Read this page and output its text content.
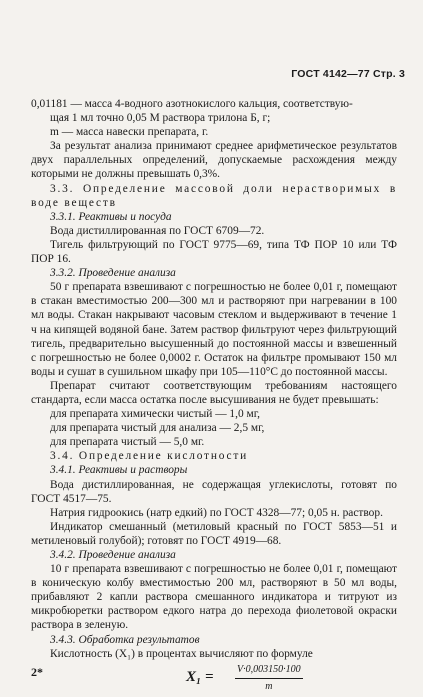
ГОСТ 4142—77 Стр. 3

0,01181 — масса 4-водного азотнокислого кальция, соответствую-

щая 1 мл точно 0,05 М раствора трилона Б, г;

m — масса навески препарата, г.

За результат анализа принимают среднее арифметическое результатов двух параллельных определений, допускаемые расхождения между которыми не должны превышать 0,3%.

3.3. Определение массовой доли нерастворимых в воде веществ

3.3.1. Реактивы и посуда

Вода дистиллированная по ГОСТ 6709—72.

Тигель фильтрующий по ГОСТ 9775—69, типа ТФ ПОР 10 или ТФ ПОР 16.

3.3.2. Проведение анализа

50 г препарата взвешивают с погрешностью не более 0,01 г, помещают в стакан вместимостью 200—300 мл и растворяют при нагревании в 100 мл воды. Стакан накрывают часовым стеклом и выдерживают в течение 1 ч на кипящей водяной бане. Затем раствор фильтруют через фильтрующий тигель, предварительно высушенный до постоянной массы и взвешенный с погрешностью не более 0,0002 г. Остаток на фильтре промывают 150 мл воды и сушат в сушильном шкафу при 105—110°С до постоянной массы.

Препарат считают соответствующим требованиям настоящего стандарта, если масса остатка после высушивания не будет превышать:

для препарата химически чистый — 1,0 мг,

для препарата чистый для анализа — 2,5 мг,

для препарата чистый — 5,0 мг.

3.4. Определение кислотности

3.4.1. Реактивы и растворы

Вода дистиллированная, не содержащая углекислоты, готовят по ГОСТ 4517—75.

Натрия гидроокись (натр едкий) по ГОСТ 4328—77; 0,05 н. раствор.

Индикатор смешанный (метиловый красный по ГОСТ 5853—51 и метиленовый голубой); готовят по ГОСТ 4919—68.

3.4.2. Проведение анализа

10 г препарата взвешивают с погрешностью не более 0,01 г, помещают в коническую колбу вместимостью 200 мл, растворяют в 50 мл воды, прибавляют 2 капли раствора смешанного индикатора и титруют из микробюретки раствором едкого натра до перехода фиолетовой окраски раствора в зеленую.

3.4.3. Обработка результатов

Кислотность (X₁) в процентах вычисляют по формуле

$X_1 = \frac{V\cdot 0,003150\cdot 100}{m}$
2*
